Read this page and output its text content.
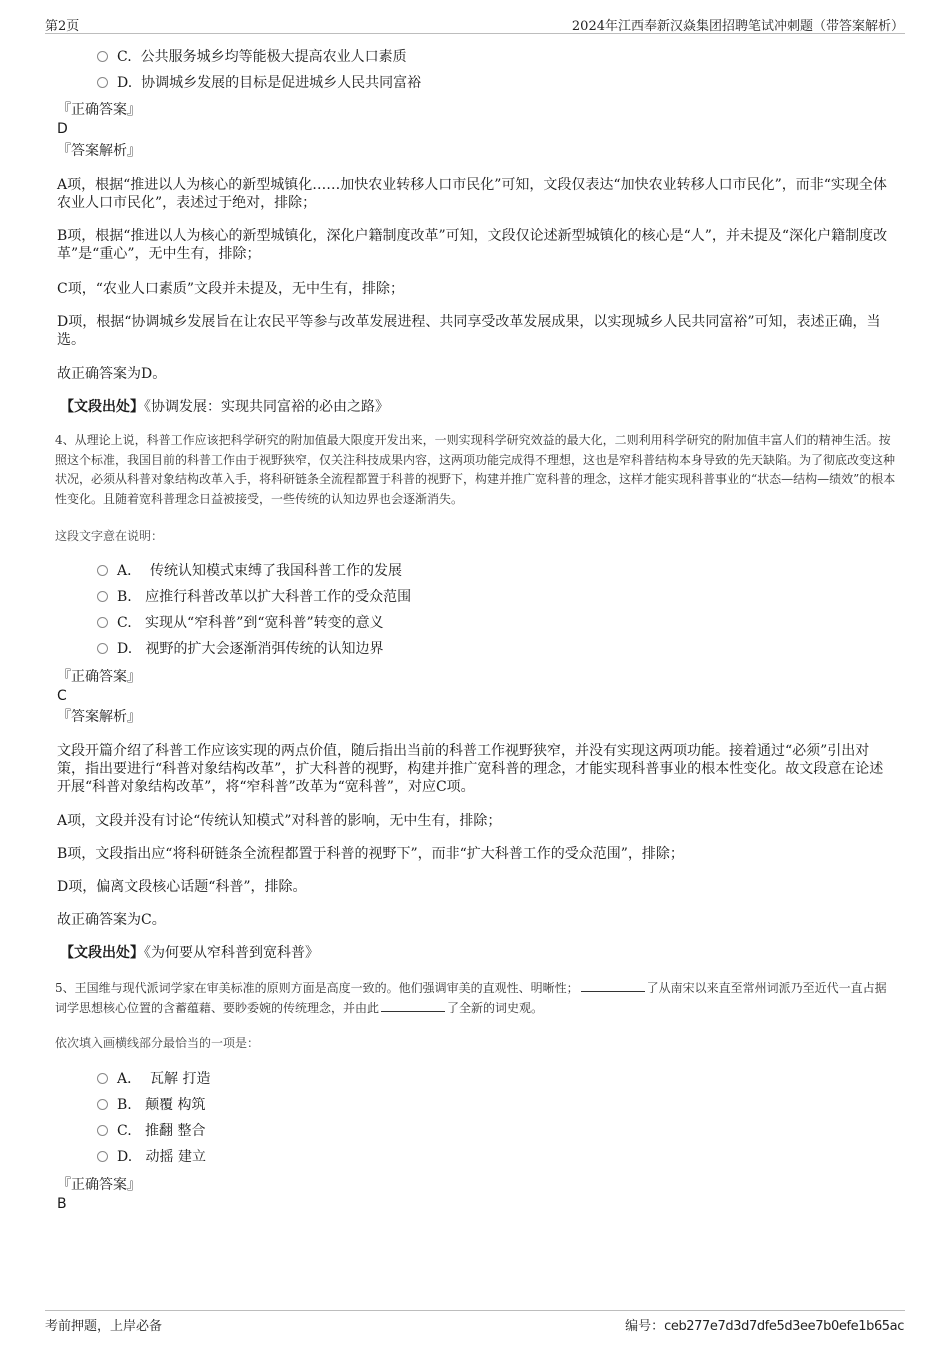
第2页	2024年江西奉新汉焱集团招聘笔试冲刺题（带答案解析）
C. 公共服务城乡均等能极大提高农业人口素质
D. 协调城乡发展的目标是促进城乡人民共同富裕
『正确答案』
D
『答案解析』
A项，根据“推进以人为核心的新型城镇化……加快农业转移人口市民化”可知，文段仅表达“加快农业转移人口市民化”，而非“实现全体农业人口市民化”，表述过于绝对，排除；
B项，根据“推进以人为核心的新型城镇化，深化户籍制度改革”可知，文段仅论述新型城镇化的核心是“人”，并未提及“深化户籍制度改革”是“重心”，无中生有，排除；
C项，“农业人口素质”文段并未提及，无中生有，排除；
D项，根据“协调城乡发展旨在让农民平等参与改革发展进程、共同享受改革发展成果，以实现城乡人民共同富裕”可知，表述正确，当选。
故正确答案为D。
【文段出处】《协调发展：实现共同富裕的必由之路》
4、从理论上说，科普工作应该把科学研究的附加值最大限度开发出来，一则实现科学研究效益的最大化，二则利用科学研究的附加值丰富人们的精神生活。按照这个标准，我国目前的科普工作由于视野狭窄，仅关注科技成果内容，这两项功能完成得不理想，这也是窄科普结构本身导致的先天缺陷。为了彻底改变这种状况，必须从科普对象结构改革入手，将科研链条全流程都置于科普的视野下，构建并推广宽科普的理念，这样才能实现科普事业的“状态—结构—绩效”的根本性变化。且随着宽科普理念日益被接受，一些传统的认知边界也会逐渐消失。
这段文字意在说明：
A． 传统认知模式束缚了我国科普工作的发展
B. 应推行科普改革以扩大科普工作的受众范围
C. 实现从“窄科普”到“宽科普”转变的意义
D. 视野的扩大会逐渐消弭传统的认知边界
『正确答案』
C
『答案解析』
文段开篇介绍了科普工作应该实现的两点价值，随后指出当前的科普工作视野狭窄，并没有实现这两项功能。接着通过“必须”引出对策，指出要进行“科普对象结构改革”，扩大科普的视野，构建并推广宽科普的理念，才能实现科普事业的根本性变化。故文段意在论述开展“科普对象结构改革”，将“窄科普”改革为“宽科普”，对应C项。
A项，文段并没有讨论“传统认知模式”对科普的影响，无中生有，排除；
B项，文段指出应“将科研链条全流程都置于科普的视野下”，而非“扩大科普工作的受众范围”，排除；
D项，偏离文段核心话题“科普”，排除。
故正确答案为C。
【文段出处】《为何要从窄科普到宽科普》
5、王国维与现代派词学家在审美标准的原则方面是高度一致的。他们强调审美的直观性、明晰性；	了从南宋以来直至常州词派乃至近代一直占据词学思想核心位置的含蓄蕴藉、要眇委婉的传统理念，并由此	了全新的词史观。
依次填入画横线部分最恰当的一项是：
A． 瓦解 打造
B. 颠覆 构筑
C. 推翻 整合
D. 动摇 建立
『正确答案』
B
考前押题，上岸必备	编号：ceb277e7d3d7dfe5d3ee7b0efe1b65ac
